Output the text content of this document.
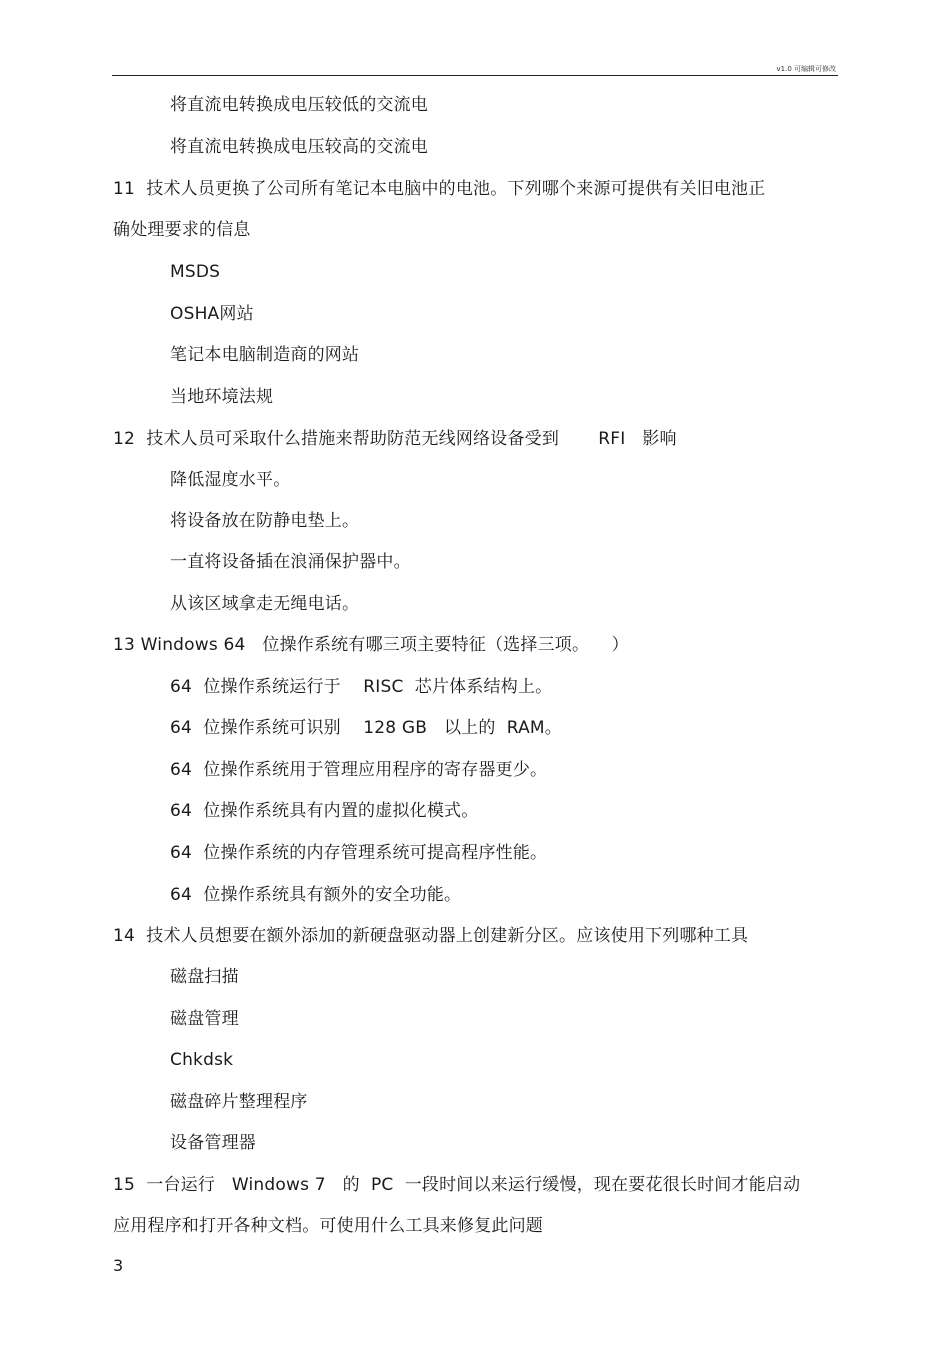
v1.0 可编辑可修改
将直流电转换成电压较低的交流电
将直流电转换成电压较高的交流电
11  技术人员更换了公司所有笔记本电脑中的电池。下列哪个来源可提供有关旧电池正
确处理要求的信息
MSDS
OSHA网站
笔记本电脑制造商的网站
当地环境法规
12  技术人员可采取什么措施来帮助防范无线网络设备受到       RFI   影响
降低湿度水平。
将设备放在防静电垫上。
一直将设备插在浪涌保护器中。
从该区域拿走无绳电话。
13 Windows 64   位操作系统有哪三项主要特征（选择三项。    ）
64  位操作系统运行于    RISC  芯片体系结构上。
64  位操作系统可识别    128 GB   以上的  RAM。
64  位操作系统用于管理应用程序的寄存器更少。
64  位操作系统具有内置的虚拟化模式。
64  位操作系统的内存管理系统可提高程序性能。
64  位操作系统具有额外的安全功能。
14  技术人员想要在额外添加的新硬盘驱动器上创建新分区。应该使用下列哪种工具
磁盘扫描
磁盘管理
Chkdsk
磁盘碎片整理程序
设备管理器
15  一台运行   Windows 7   的  PC  一段时间以来运行缓慢，现在要花很长时间才能启动
应用程序和打开各种文档。可使用什么工具来修复此问题
3
